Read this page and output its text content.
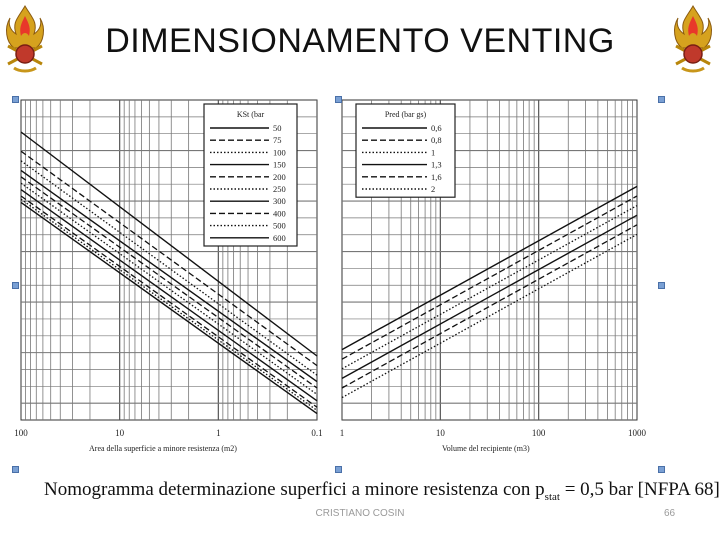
DIMENSIONAMENTO VENTING
100	10	1	0.1
Area della superficie a minore resistenza (m2)
KSt (bar
50
75
100
150
200
250
300
400
500
600
1	10	100	1000
Volume del recipiente (m3)
Pred (bar gs)
0,6
0,8
1
1,3
1,6
2
Nomogramma determinazione superfici a minore resistenza con $p_{stat} = 0,5$ bar [NFPA 68]
CRISTIANO COSIN	66
